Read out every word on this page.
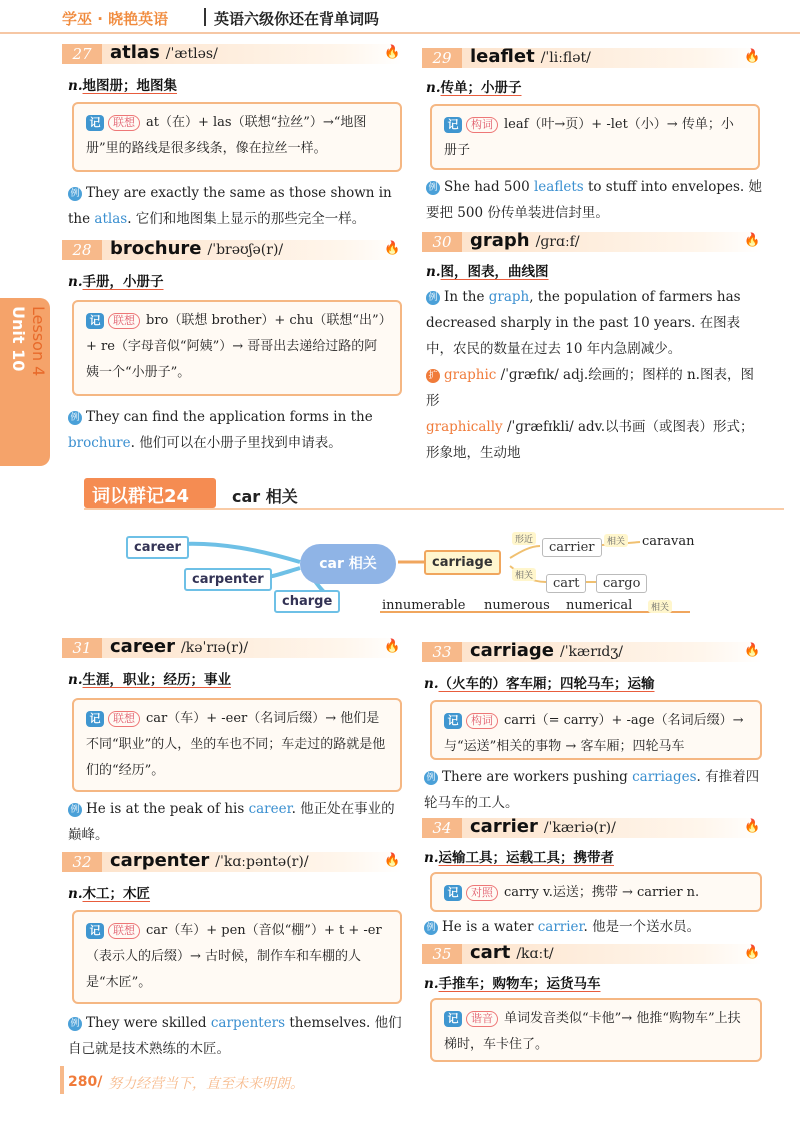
学巫 · 晓艳英语	英语六级你还在背单词吗
Unit 10 Lesson 4
27	atlas /ˈætləs/	🔥
n.地图册；地图集
记 联想 at（在）+ las（联想“拉丝”）→“地图册”里的路线是很多线条，像在拉丝一样。
例 They are exactly the same as those shown in the atlas. 它们和地图集上显示的那些完全一样。
28	brochure /ˈbrəʊʃə(r)/	🔥
n.手册，小册子
记 联想 bro（联想 brother）+ chu（联想“出”）+ re（字母音似“阿姨”）→ 哥哥出去递给过路的阿姨一个“小册子”。
例 They can find the application forms in the brochure. 他们可以在小册子里找到申请表。
29	leaflet /ˈliːflət/	🔥
n.传单；小册子
记 构词 leaf（叶→页）+ -let（小）→ 传单；小册子
例 She had 500 leaflets to stuff into envelopes. 她要把 500 份传单装进信封里。
30	graph /ɡrɑːf/	🔥
n.图，图表，曲线图
例 In the graph, the population of farmers has decreased sharply in the past 10 years. 在图表中，农民的数量在过去 10 年内急剧减少。
扩 graphic /ˈɡræfɪk/ adj.绘画的；图样的 n.图表，图形
graphically /ˈɡræfɪkli/ adv.以书画（或图表）形式；形象地，生动地
词以群记24	car 相关
career
carpenter
charge
car 相关	carriage
形近
相关
carrier	相关 caravan
cart	cargo
innumerable numerous numerical	相关
31	career /kəˈrɪə(r)/	🔥
n.生涯，职业；经历；事业
记 联想 car（车）+ -eer（名词后缀）→ 他们是不同“职业”的人，坐的车也不同；车走过的路就是他们的“经历”。
例 He is at the peak of his career. 他正处在事业的巅峰。
32	carpenter /ˈkɑːpəntə(r)/	🔥
n.木工；木匠
记 联想 car（车）+ pen（音似“棚”）+ t + -er（表示人的后缀）→ 古时候，制作车和车棚的人是“木匠”。
例 They were skilled carpenters themselves. 他们自己就是技术熟练的木匠。
33	carriage /ˈkærɪdʒ/	🔥
n.（火车的）客车厢；四轮马车；运输
记 构词 carri（= carry）+ -age（名词后缀）→ 与“运送”相关的事物 → 客车厢；四轮马车
例 There are workers pushing carriages. 有推着四轮马车的工人。
34	carrier /ˈkæriə(r)/	🔥
n.运输工具；运载工具；携带者
记 对照 carry v.运送；携带 → carrier n.
例 He is a water carrier. 他是一个送水员。
35	cart /kɑːt/	🔥
n.手推车；购物车；运货马车
记 谐音 单词发音类似“卡他”→ 他推“购物车”上扶梯时，车卡住了。
280/ 努力经营当下，直至未来明朗。
